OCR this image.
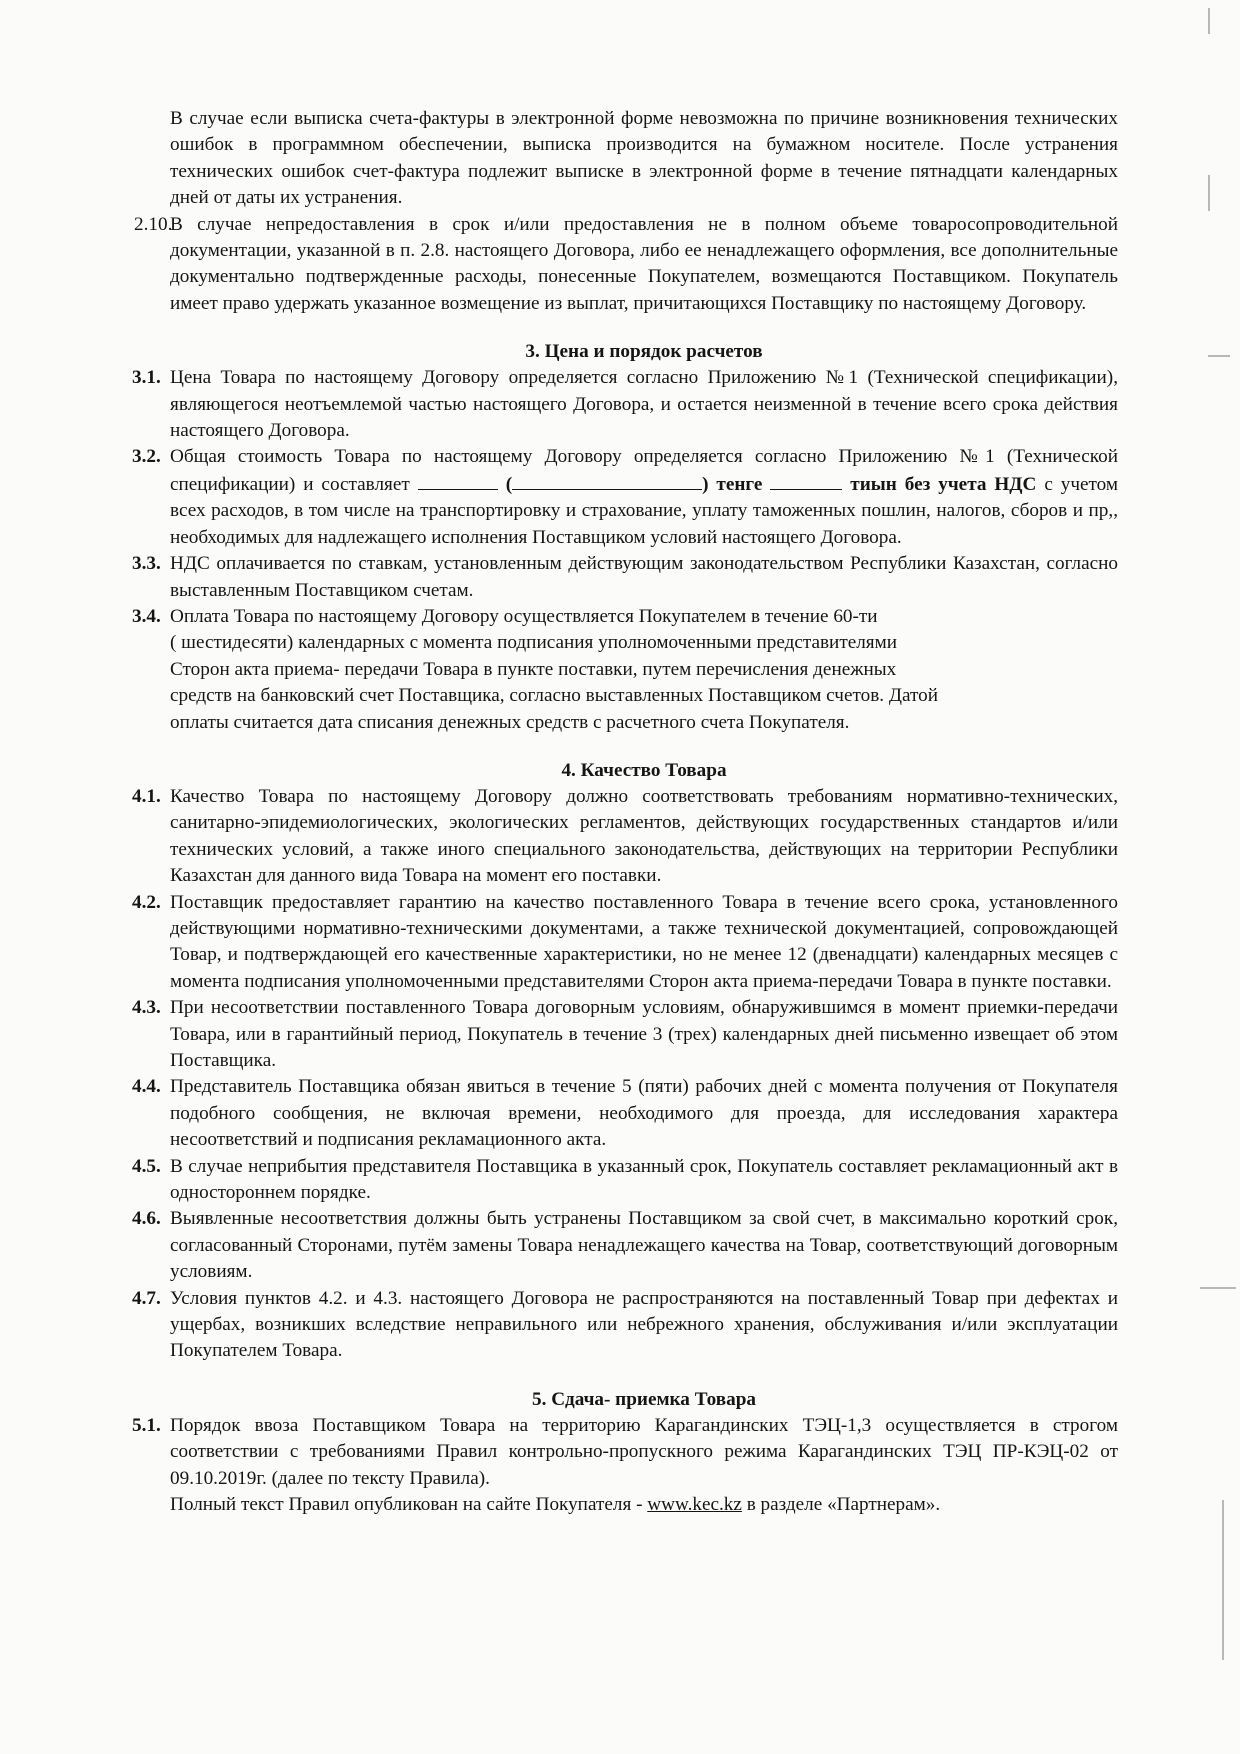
В случае если выписка счета-фактуры в электронной форме невозможна по причине возникновения технических ошибок в программном обеспечении, выписка производится на бумажном носителе. После устранения технических ошибок счет-фактура подлежит выписке в электронной форме в течение пятнадцати календарных дней от даты их устранения.

2.10.
В случае непредоставления в срок и/или предоставления не в полном объеме товаросопроводительной документации, указанной в п. 2.8. настоящего Договора, либо ее ненадлежащего оформления, все дополнительные документально подтвержденные расходы, понесенные Покупателем, возмещаются Поставщиком. Покупатель имеет право удержать указанное возмещение из выплат, причитающихся Поставщику по настоящему Договору.
3. Цена и порядок расчетов
3.1. Цена Товара по настоящему Договору определяется согласно Приложению №1 (Технической спецификации), являющегося неотъемлемой частью настоящего Договора, и остается неизменной в течение всего срока действия настоящего Договора.
3.2. Общая стоимость Товара по настоящему Договору определяется согласно Приложению №1 (Технической спецификации) и составляет	(	) тенге	тиын без учета НДС с учетом всех расходов, в том числе на транспортировку и страхование, уплату таможенных пошлин, налогов, сборов и пр,, необходимых для надлежащего исполнения Поставщиком условий настоящего Договора.
3.3. НДС оплачивается по ставкам, установленным действующим законодательством Республики Казахстан, согласно выставленным Поставщиком счетам.
3.4. Оплата Товара по настоящему Договору осуществляется Покупателем в течение 60-ти
( шестидесяти) календарных с момента подписания уполномоченными представителями
Сторон акта приема- передачи Товара в пункте поставки, путем перечисления денежных
средств на банковский счет Поставщика, согласно выставленных Поставщиком счетов. Датой
оплаты считается дата списания денежных средств с расчетного счета Покупателя.
4. Качество Товара
4.1. Качество Товара по настоящему Договору должно соответствовать требованиям нормативно-технических, санитарно-эпидемиологических, экологических регламентов, действующих государственных стандартов и/или технических условий, а также иного специального законодательства, действующих на территории Республики Казахстан для данного вида Товара на момент его поставки.
4.2. Поставщик предоставляет гарантию на качество поставленного Товара в течение всего срока, установленного действующими нормативно-техническими документами, а также технической документацией, сопровождающей Товар, и подтверждающей его качественные характеристики, но не менее 12 (двенадцати) календарных месяцев с момента подписания уполномоченными представителями Сторон акта приема-передачи Товара в пункте поставки.
4.3. При несоответствии поставленного Товара договорным условиям, обнаружившимся в момент приемки-передачи Товара, или в гарантийный период, Покупатель в течение 3 (трех) календарных дней письменно извещает об этом Поставщика.
4.4. Представитель Поставщика обязан явиться в течение 5 (пяти) рабочих дней с момента получения от Покупателя подобного сообщения, не включая времени, необходимого для проезда, для исследования характера несоответствий и подписания рекламационного акта.
4.5. В случае неприбытия представителя Поставщика в указанный срок, Покупатель составляет рекламационный акт в одностороннем порядке.
4.6. Выявленные несоответствия должны быть устранены Поставщиком за свой счет, в максимально короткий срок, согласованный Сторонами, путём замены Товара ненадлежащего качества на Товар, соответствующий договорным условиям.
4.7. Условия пунктов 4.2. и 4.3. настоящего Договора не распространяются на поставленный Товар при дефектах и ущербах, возникших вследствие неправильного или небрежного хранения, обслуживания и/или эксплуатации Покупателем Товара.
5. Сдача- приемка Товара
5.1. Порядок ввоза Поставщиком Товара на территорию Карагандинских ТЭЦ-1,3 осуществляется в строгом соответствии с требованиями Правил контрольно-пропускного режима Карагандинских ТЭЦ ПР-КЭЦ-02 от 09.10.2019г. (далее по тексту Правила).
Полный текст Правил опубликован на сайте Покупателя - www.kec.kz в разделе «Партнерам».
